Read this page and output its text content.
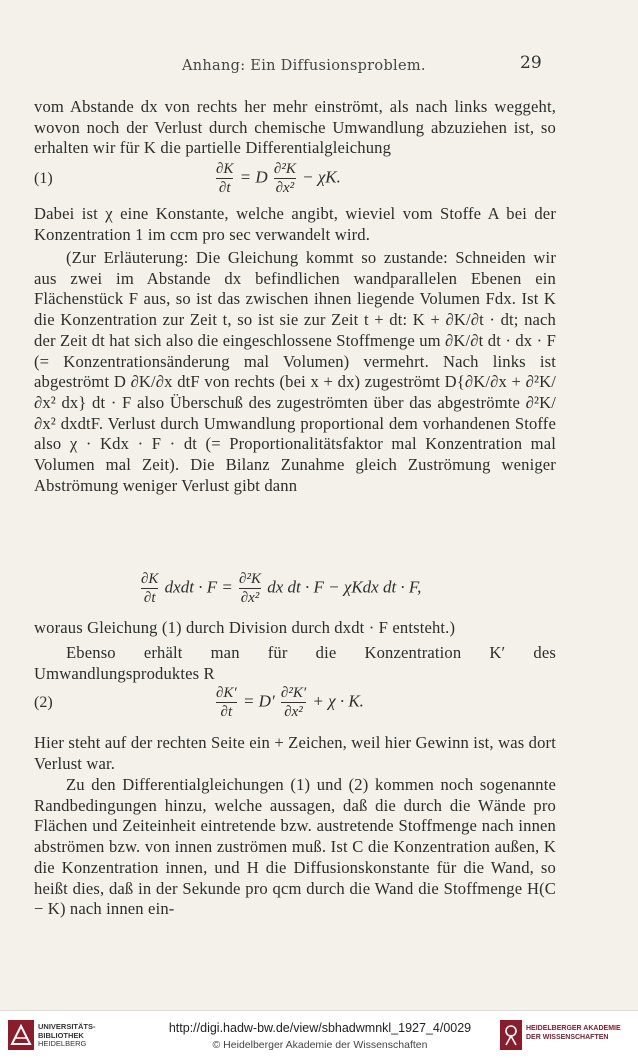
Anhang: Ein Diffusionsproblem.	29

vom Abstande dx von rechts her mehr einströmt, als nach links weggeht, wovon noch der Verlust durch chemische Umwandlung abzuziehen ist, so erhalten wir für K die partielle Differentialgleichung

(1)	$\frac{\partial K}{\partial t} = D \frac{\text{∂²K}}{\text{∂x²}} - \chi K$.

Dabei ist χ eine Konstante, welche angibt, wieviel vom Stoffe A bei der Konzentration 1 im ccm pro sec verwandelt wird.

(Zur Erläuterung: Die Gleichung kommt so zustande: Schneiden wir aus zwei im Abstande dx befindlichen wandparallelen Ebenen ein Flächenstück F aus, so ist das zwischen ihnen liegende Volumen Fdx. Ist K die Konzentration zur Zeit t, so ist sie zur Zeit t + dt: K + ∂K/∂t · dt; nach der Zeit dt hat sich also die eingeschlossene Stoffmenge um ∂K/∂t dt · dx · F (= Konzentrationsänderung mal Volumen) vermehrt. Nach links ist abgeströmt D ∂K/∂x dtF von rechts (bei x + dx) zugeströmt D{∂K/∂x + ∂²K/∂x² dx} dt · F also Überschuß des zugeströmten über das abgeströmte ∂²K/∂x² dxdtF. Verlust durch Umwandlung proportional dem vorhandenen Stoffe also χ · Kdx · F · dt (= Proportionalitätsfaktor mal Konzentration mal Volumen mal Zeit). Die Bilanz Zunahme gleich Zuströmung weniger Abströmung weniger Verlust gibt dann

$\frac{\partial K}{\partial t}$ dxdt · $F = \frac{\text{∂²K}}{\text{∂x²}}$ dx dt · F − χKdx dt · F,

woraus Gleichung (1) durch Division durch dxdt · F entsteht.)

Ebenso erhält man für die Konzentration K′ des Umwandlungsproduktes R

(2)	$\frac{\partial K'}{\partial t} = D' \frac{\text{∂²K′}}{\text{∂x²}} + \chi \cdot K$.

Hier steht auf der rechten Seite ein + Zeichen, weil hier Gewinn ist, was dort Verlust war.

Zu den Differentialgleichungen (1) und (2) kommen noch sogenannte Randbedingungen hinzu, welche aussagen, daß die durch die Wände pro Flächen und Zeiteinheit eintretende bzw. austretende Stoffmenge nach innen abströmen bzw. von innen zuströmen muß. Ist C die Konzentration außen, K die Konzentration innen, und H die Diffusionskonstante für die Wand, so heißt dies, daß in der Sekunde pro qcm durch die Wand die Stoffmenge H(C − K) nach innen ein-

UNIVERSITÄTS-
BIBLIOTHEK
HEIDELBERG
http://digi.hadw-bw.de/view/sbhadwmnkl_1927_4/0029
© Heidelberger Akademie der Wissenschaften
HEIDELBERGER AKADEMIE
DER WISSENSCHAFTEN
